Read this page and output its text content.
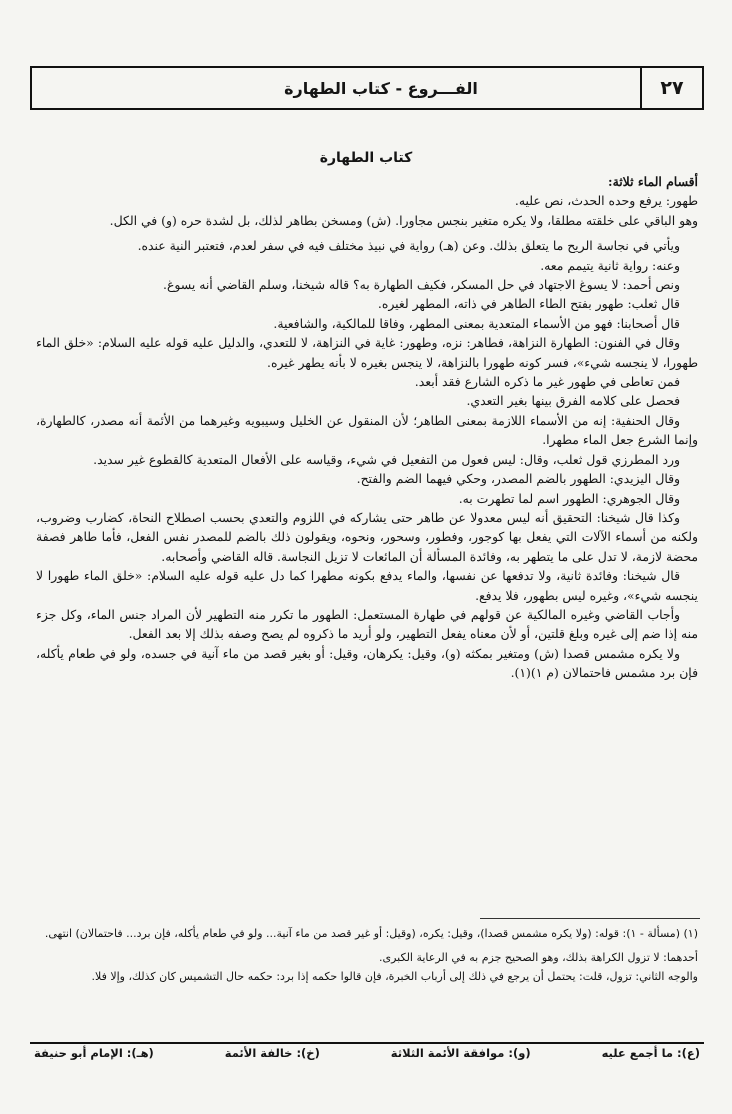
٢٧
الفـــروع - كتاب الطهارة
كتاب الطهارة

أقسام الماء ثلاثة:

طهور: يرفع وحده الحدث، نص عليه.

وهو الباقي على خلقته مطلقا، ولا يكره متغير بنجس مجاورا. (ش) ومسخن بطاهر لذلك، بل لشدة حره (و) في الكل.

ويأتي في نجاسة الريح ما يتعلق بذلك. وعن (هـ) رواية في نبيذ مختلف فيه في سفر لعدم، فتعتبر النية عنده.

وعنه: رواية ثانية يتيمم معه.

ونص أحمد: لا يسوغ الاجتهاد في حل المسكر، فكيف الطهارة به؟ قاله شيخنا، وسلم القاضي أنه يسوغ.

قال ثعلب: طهور بفتح الطاء الطاهر في ذاته، المطهر لغيره.

قال أصحابنا: فهو من الأسماء المتعدية بمعنى المطهر، وفاقا للمالكية، والشافعية.

وقال في الفنون: الطهارة النزاهة، فطاهر: نزه، وطهور: غاية في النزاهة، لا للتعدي، والدليل عليه قوله عليه السلام: «خلق الماء طهورا، لا ينجسه شيء»، فسر كونه طهورا بالنزاهة، لا ينجس بغيره لا بأنه يطهر غيره.

فمن تعاطى في طهور غير ما ذكره الشارع فقد أبعد.

فحصل على كلامه الفرق بينها بغير التعدي.

وقال الحنفية: إنه من الأسماء اللازمة بمعنى الطاهر؛ لأن المنقول عن الخليل وسيبويه وغيرهما من الأئمة أنه مصدر، كالطهارة، وإنما الشرع جعل الماء مطهرا.

ورد المطرزي قول ثعلب، وقال: ليس فعول من التفعيل في شيء، وقياسه على الأفعال المتعدية كالقطوع غير سديد.

وقال اليزيدي: الطهور بالضم المصدر، وحكي فيهما الضم والفتح.

وقال الجوهري: الطهور اسم لما تطهرت به.

وكذا قال شيخنا: التحقيق أنه ليس معدولا عن طاهر حتى يشاركه في اللزوم والتعدي بحسب اصطلاح النحاة، كضارب وضروب، ولكنه من أسماء الآلات التي يفعل بها كوجور، وفطور، وسحور، ونحوه، ويقولون ذلك بالضم للمصدر نفس الفعل، فأما طاهر فصفة محضة لازمة، لا تدل على ما يتطهر به، وفائدة المسألة أن المائعات لا تزيل النجاسة. قاله القاضي وأصحابه.

قال شيخنا: وفائدة ثانية، ولا تدفعها عن نفسها، والماء يدفع بكونه مطهرا كما دل عليه قوله عليه السلام: «خلق الماء طهورا لا ينجسه شيء»، وغيره ليس بطهور، فلا يدفع.

وأجاب القاضي وغيره المالكية عن قولهم في طهارة المستعمل: الطهور ما تكرر منه التطهير لأن المراد جنس الماء، وكل جزء منه إذا ضم إلى غيره وبلغ قلتين، أو لأن معناه يفعل التطهير، ولو أريد ما ذكروه لم يصح وصفه بذلك إلا بعد الفعل.

ولا يكره مشمس قصدا (ش) ومتغير بمكثه (و)، وقيل: يكرهان، وقيل: أو بغير قصد من ماء آنية في جسده، ولو في طعام يأكله، فإن برد مشمس فاحتمالان (م ١)(١).

(١) (مسألة - ١): قوله: (ولا يكره مشمس قصدا)، وقيل: يكره، (وقيل: أو غير قصد من ماء آنية... ولو في طعام يأكله، فإن برد... فاحتمالان) انتهى.

أحدهما: لا تزول الكراهة بذلك، وهو الصحيح جزم به في الرعاية الكبرى.

والوجه الثاني: تزول، قلت: يحتمل أن يرجع في ذلك إلى أرباب الخبرة، فإن قالوا حكمه إذا برد: حكمه حال التشميس كان كذلك، وإلا فلا.

(ع): ما أجمع عليه
(و): موافقة الأئمة الثلاثة
(خ): خالفة الأئمة
(هـ): الإمام أبو حنيفة
